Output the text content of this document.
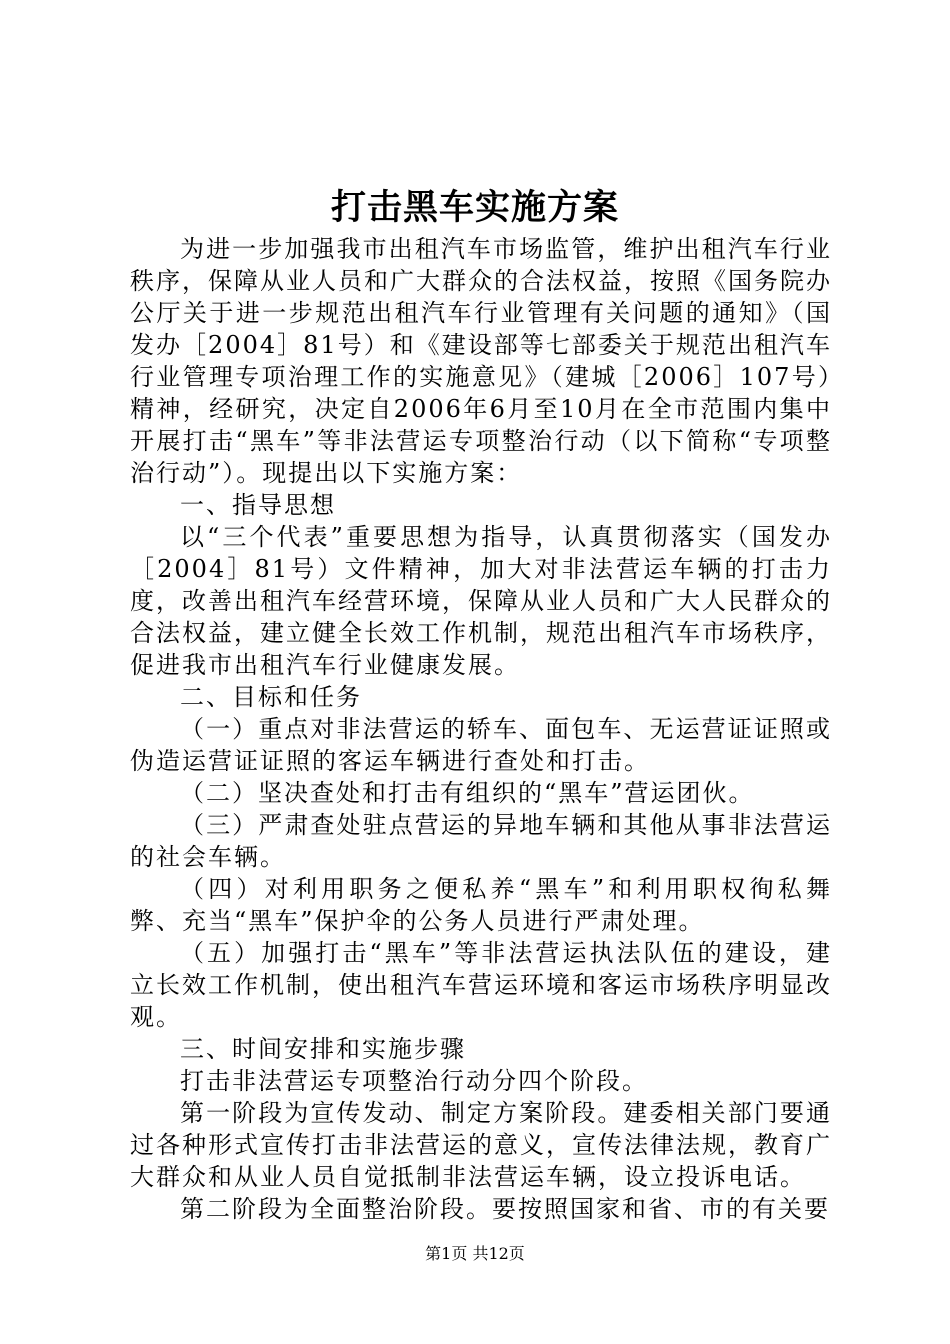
打击黑车实施方案

为进一步加强我市出租汽车市场监管，维护出租汽车行业秩序，保障从业人员和广大群众的合法权益，按照《国务院办公厅关于进一步规范出租汽车行业管理有关问题的通知》（国发办［2004］81号）和《建设部等七部委关于规范出租汽车行业管理专项治理工作的实施意见》（建城［2006］107号）精神，经研究，决定自2006年6月至10月在全市范围内集中开展打击“黑车”等非法营运专项整治行动（以下简称“专项整治行动”）。现提出以下实施方案：

一、指导思想

以“三个代表”重要思想为指导，认真贯彻落实（国发办［2004］81号）文件精神，加大对非法营运车辆的打击力度，改善出租汽车经营环境，保障从业人员和广大人民群众的合法权益，建立健全长效工作机制，规范出租汽车市场秩序，促进我市出租汽车行业健康发展。

二、目标和任务

（一）重点对非法营运的轿车、面包车、无运营证证照或伪造运营证证照的客运车辆进行查处和打击。

（二）坚决查处和打击有组织的“黑车”营运团伙。

（三）严肃查处驻点营运的异地车辆和其他从事非法营运的社会车辆。

（四）对利用职务之便私养“黑车”和利用职权徇私舞弊、充当“黑车”保护伞的公务人员进行严肃处理。

（五）加强打击“黑车”等非法营运执法队伍的建设，建立长效工作机制，使出租汽车营运环境和客运市场秩序明显改观。

三、时间安排和实施步骤

打击非法营运专项整治行动分四个阶段。

第一阶段为宣传发动、制定方案阶段。建委相关部门要通过各种形式宣传打击非法营运的意义，宣传法律法规，教育广大群众和从业人员自觉抵制非法营运车辆，设立投诉电话。

第二阶段为全面整治阶段。要按照国家和省、市的有关要

第1页 共12页
